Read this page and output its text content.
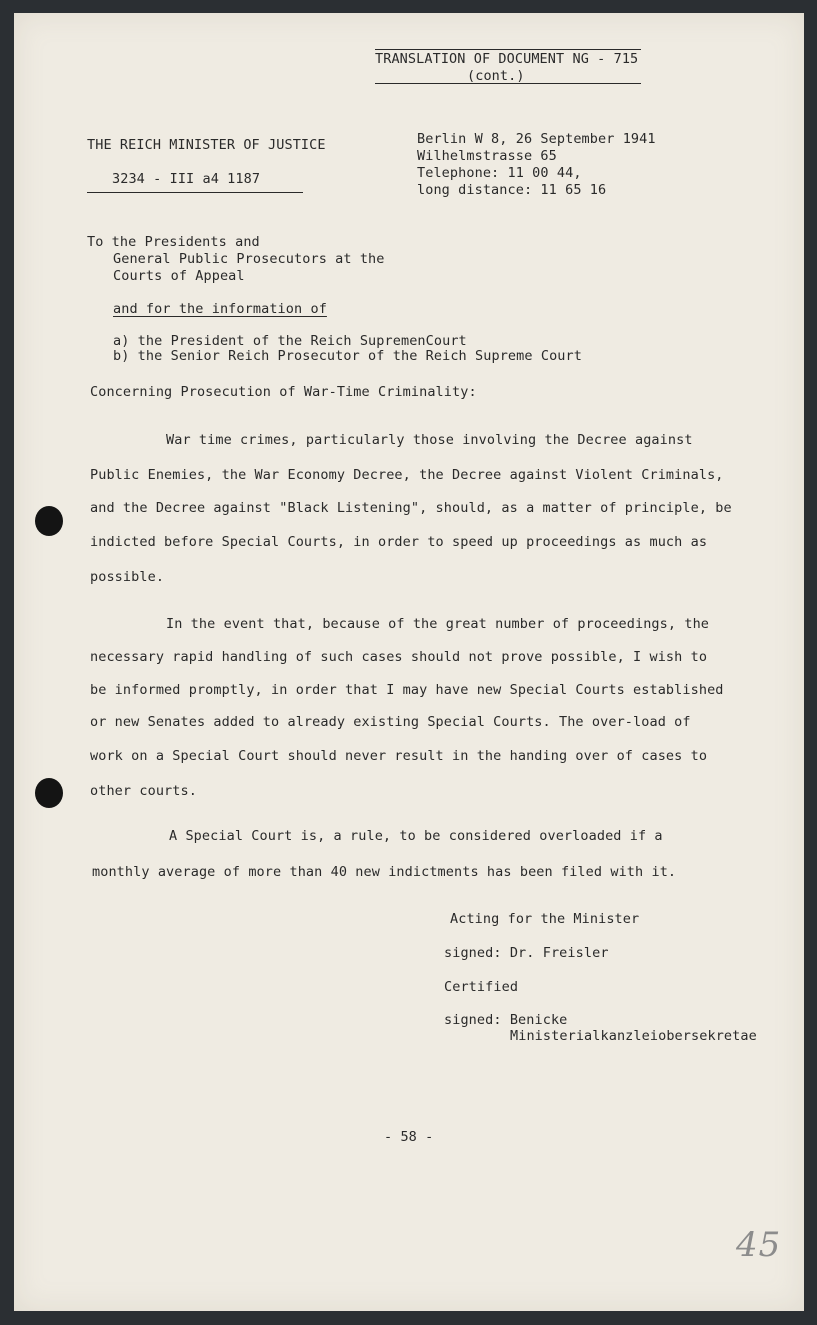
TRANSLATION OF DOCUMENT NG - 715
(cont.)
THE REICH MINISTER OF JUSTICE
3234 - III a4 1187
Berlin W 8, 26 September 1941
Wilhelmstrasse 65
Telephone: 11 00 44,
long distance: 11 65 16
To the Presidents and
General Public Prosecutors at the
Courts of Appeal
and for the information of
a) the President of the Reich SupremenCourt
b) the Senior Reich Prosecutor of the Reich Supreme Court
Concerning Prosecution of War-Time Criminality:
War time crimes, particularly those involving the Decree against
Public Enemies, the War Economy Decree, the Decree against Violent Criminals,
and the Decree against "Black Listening", should, as a matter of principle, be
indicted before Special Courts, in order to speed up proceedings as much as
possible.
In the event that, because of the great number of proceedings, the
necessary rapid handling of such cases should not prove possible, I wish to
be informed promptly, in order that I may have new Special Courts established
or new Senates added to already existing Special Courts. The over-load of
work on a Special Court should never result in the handing over of cases to
other courts.
A Special Court is, a rule, to be considered overloaded if a
monthly average of more than 40 new indictments has been filed with it.
Acting for the Minister
signed: Dr. Freisler
Certified
signed: Benicke
Ministerialkanzleiobersekretae
- 58 -
45
